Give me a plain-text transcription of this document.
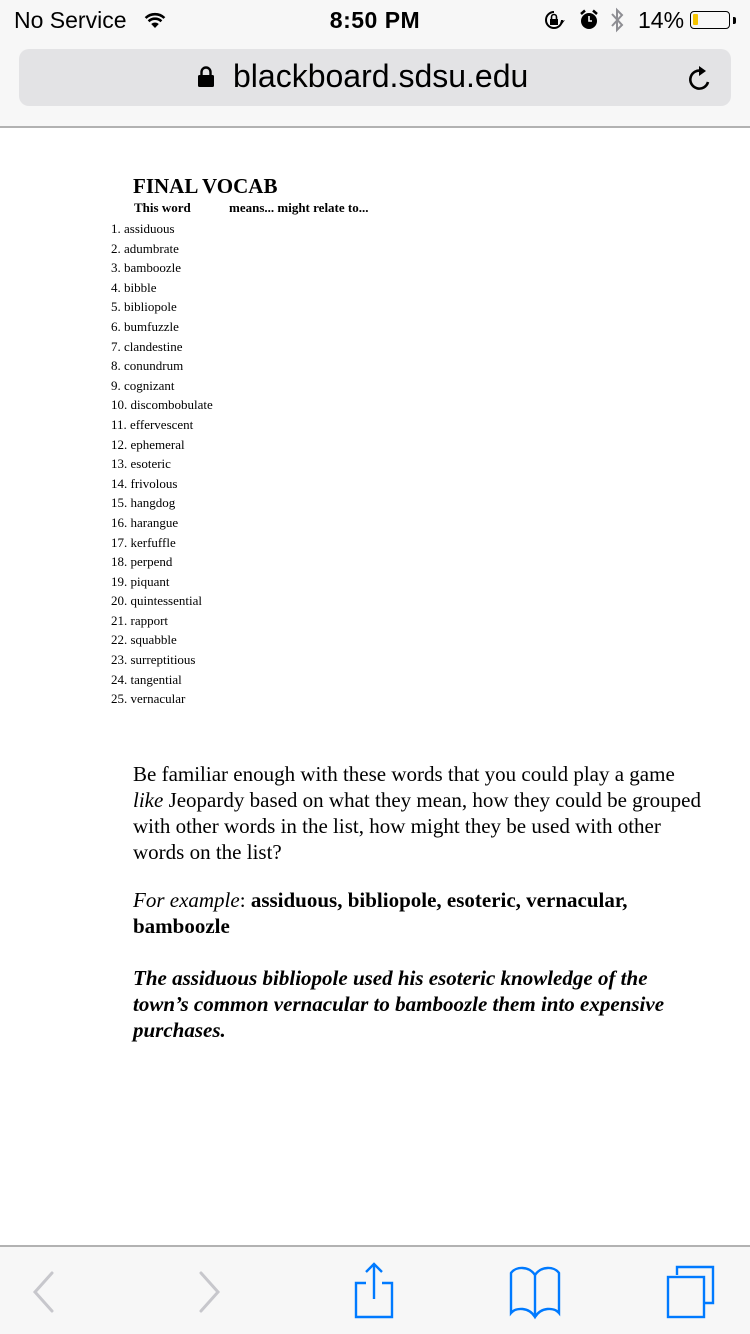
No Service	8:50 PM	14%
blackboard.sdsu.edu
FINAL VOCAB
This word	means... might relate to...
1. assiduous
2. adumbrate
3. bamboozle
4. bibble
5. bibliopole
6. bumfuzzle
7. clandestine
8. conundrum
9. cognizant
10. discombobulate
11. effervescent
12. ephemeral
13. esoteric
14. frivolous
15. hangdog
16. harangue
17. kerfuffle
18. perpend
19. piquant
20. quintessential
21. rapport
22. squabble
23. surreptitious
24. tangential
25. vernacular

Be familiar enough with these words that you could play a game like Jeopardy based on what they mean, how they could be grouped with other words in the list, how might they be used with other words on the list?

For example: assiduous, bibliopole, esoteric, vernacular, bamboozle

The assiduous bibliopole used his esoteric knowledge of the town’s common vernacular to bamboozle them into expensive purchases.
